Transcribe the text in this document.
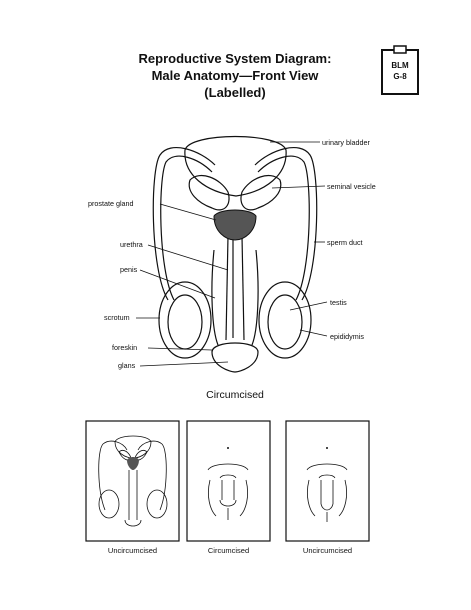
Reproductive System Diagram:
Male Anatomy—Front View
(Labelled)
BLM
G-8
urinary bladder
seminal vesicle
prostate gland
urethra	sperm duct
penis
testis
scrotum
epididymis
foreskin
glans
Circumcised
Uncircumcised	Circumcised	Uncircumcised
